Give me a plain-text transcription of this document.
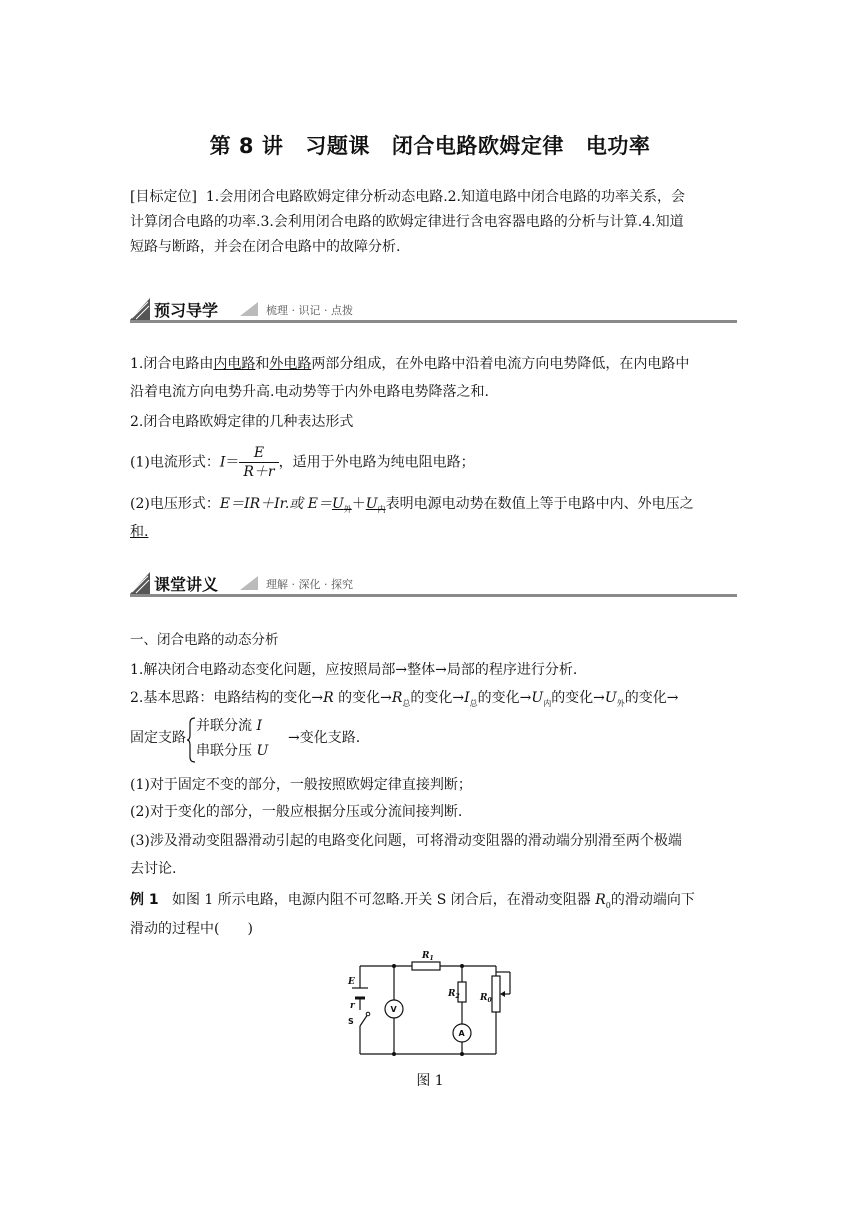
第 8 讲 习题课 闭合电路欧姆定律 电功率
[目标定位] 1.会用闭合电路欧姆定律分析动态电路.2.知道电路中闭合电路的功率关系，会
计算闭合电路的功率.3.会利用闭合电路的欧姆定律进行含电容器电路的分析与计算.4.知道
短路与断路，并会在闭合电路中的故障分析.
预习导学	梳理 · 识记 · 点拨
1.闭合电路由内电路和外电路两部分组成，在外电路中沿着电流方向电势降低，在内电路中
沿着电流方向电势升高.电动势等于内外电路电势降落之和.
2.闭合电路欧姆定律的几种表达形式
(1)电流形式：$I= \frac{E}{R+r}$ ，适用于外电路为纯电阻电路；
(2)电压形式：E＝IR＋Ir.或 $E=U_外+U_内$表明电源电动势在数值上等于电路中内、外电压之
和.
课堂讲义	理解 · 深化 · 探究
一、闭合电路的动态分析
1.解决闭合电路动态变化问题，应按照局部→整体→局部的程序进行分析.
2.基本思路：电路结构的变化→R 的变化$\to R_总$的变化$\to I_总$的变化$\to U_内$的变化$\to U_外$的变化→
固定支路
并联分流 I
串联分压 U
→变化支路.
(1)对于固定不变的部分，一般按照欧姆定律直接判断；
(2)对于变化的部分，一般应根据分压或分流间接判断.
(3)涉及滑动变阻器滑动引起的电路变化问题，可将滑动变阻器的滑动端分别滑至两个极端
去讨论.
例 1 如图 1 所示电路，电源内阻不可忽略.开关 S 闭合后，在滑动变阻器 $R_0$的滑动端向下
滑动的过程中(　　)
E
r
$R_1$
$R_2$ $R_0$
S
V
A
图 1
